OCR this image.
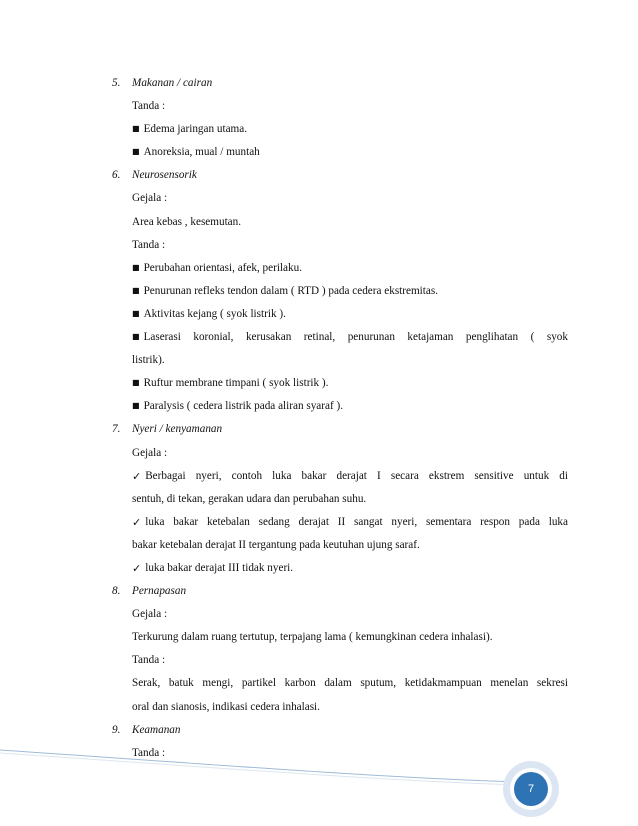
5.	Makanan / cairan
Tanda :
■ Edema jaringan utama.
■ Anoreksia, mual / muntah
6.	Neurosensorik
Gejala :
Area kebas , kesemutan.
Tanda :
■ Perubahan orientasi, afek, perilaku.
■ Penurunan refleks tendon dalam ( RTD ) pada cedera ekstremitas.
■ Aktivitas kejang ( syok listrik ).
■ Laserasi koronial, kerusakan retinal, penurunan ketajaman penglihatan ( syok
listrik).
■ Ruftur membrane timpani ( syok listrik ).
■ Paralysis ( cedera listrik pada aliran syaraf ).
7.	Nyeri / kenyamanan
Gejala :
✓ Berbagai nyeri, contoh luka bakar derajat I secara ekstrem sensitive untuk di
sentuh, di tekan, gerakan udara dan perubahan suhu.
✓ luka bakar ketebalan sedang derajat II sangat nyeri, sementara respon pada luka
bakar ketebalan derajat II tergantung pada keutuhan ujung saraf.
✓ luka bakar derajat III tidak nyeri.
8.	Pernapasan
Gejala :
Terkurung dalam ruang tertutup, terpajang lama ( kemungkinan cedera inhalasi).
Tanda :
Serak, batuk mengi, partikel karbon dalam sputum, ketidakmampuan menelan sekresi
oral dan sianosis, indikasi cedera inhalasi.
9.	Keamanan
Tanda :
7
